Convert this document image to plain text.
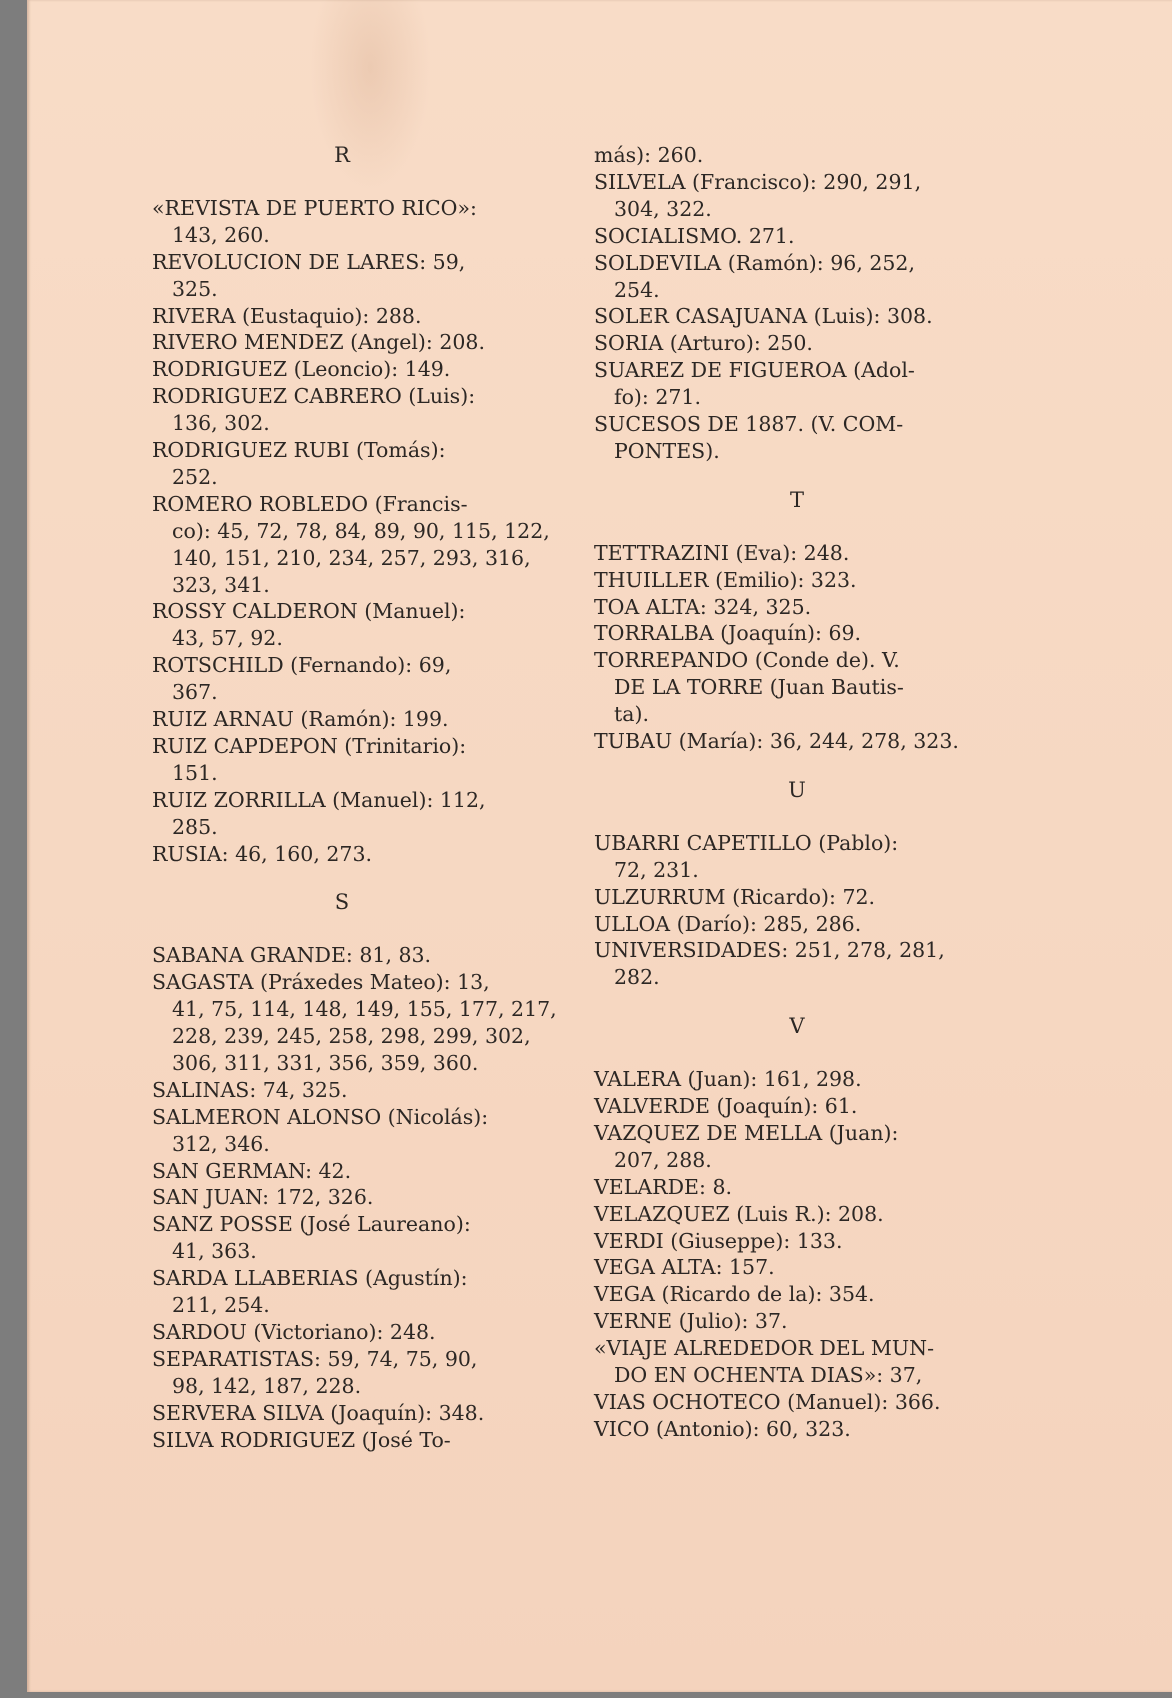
R
«REVISTA DE PUERTO RICO»:
143, 260.
REVOLUCION DE LARES: 59,
325.
RIVERA (Eustaquio): 288.
RIVERO MENDEZ (Angel): 208.
RODRIGUEZ (Leoncio): 149.
RODRIGUEZ CABRERO (Luis):
136, 302.
RODRIGUEZ RUBI (Tomás):
252.
ROMERO ROBLEDO (Francis-
co): 45, 72, 78, 84, 89, 90, 115, 122,
140, 151, 210, 234, 257, 293, 316,
323, 341.
ROSSY CALDERON (Manuel):
43, 57, 92.
ROTSCHILD (Fernando): 69,
367.
RUIZ ARNAU (Ramón): 199.
RUIZ CAPDEPON (Trinitario):
151.
RUIZ ZORRILLA (Manuel): 112,
285.
RUSIA: 46, 160, 273.
S
SABANA GRANDE: 81, 83.
SAGASTA (Práxedes Mateo): 13,
41, 75, 114, 148, 149, 155, 177, 217,
228, 239, 245, 258, 298, 299, 302,
306, 311, 331, 356, 359, 360.
SALINAS: 74, 325.
SALMERON ALONSO (Nicolás):
312, 346.
SAN GERMAN: 42.
SAN JUAN: 172, 326.
SANZ POSSE (José Laureano):
41, 363.
SARDA LLABERIAS (Agustín):
211, 254.
SARDOU (Victoriano): 248.
SEPARATISTAS: 59, 74, 75, 90,
98, 142, 187, 228.
SERVERA SILVA (Joaquín): 348.
SILVA RODRIGUEZ (José To-
más): 260.
SILVELA (Francisco): 290, 291,
304, 322.
SOCIALISMO. 271.
SOLDEVILA (Ramón): 96, 252,
254.
SOLER CASAJUANA (Luis): 308.
SORIA (Arturo): 250.
SUAREZ DE FIGUEROA (Adol-
fo): 271.
SUCESOS DE 1887. (V. COM-
PONTES).
T
TETTRAZINI (Eva): 248.
THUILLER (Emilio): 323.
TOA ALTA: 324, 325.
TORRALBA (Joaquín): 69.
TORREPANDO (Conde de). V.
DE LA TORRE (Juan Bautis-
ta).
TUBAU (María): 36, 244, 278, 323.
U
UBARRI CAPETILLO (Pablo):
72, 231.
ULZURRUM (Ricardo): 72.
ULLOA (Darío): 285, 286.
UNIVERSIDADES: 251, 278, 281,
282.
V
VALERA (Juan): 161, 298.
VALVERDE (Joaquín): 61.
VAZQUEZ DE MELLA (Juan):
207, 288.
VELARDE: 8.
VELAZQUEZ (Luis R.): 208.
VERDI (Giuseppe): 133.
VEGA ALTA: 157.
VEGA (Ricardo de la): 354.
VERNE (Julio): 37.
«VIAJE ALREDEDOR DEL MUN-
DO EN OCHENTA DIAS»: 37,
VIAS OCHOTECO (Manuel): 366.
VICO (Antonio): 60, 323.
